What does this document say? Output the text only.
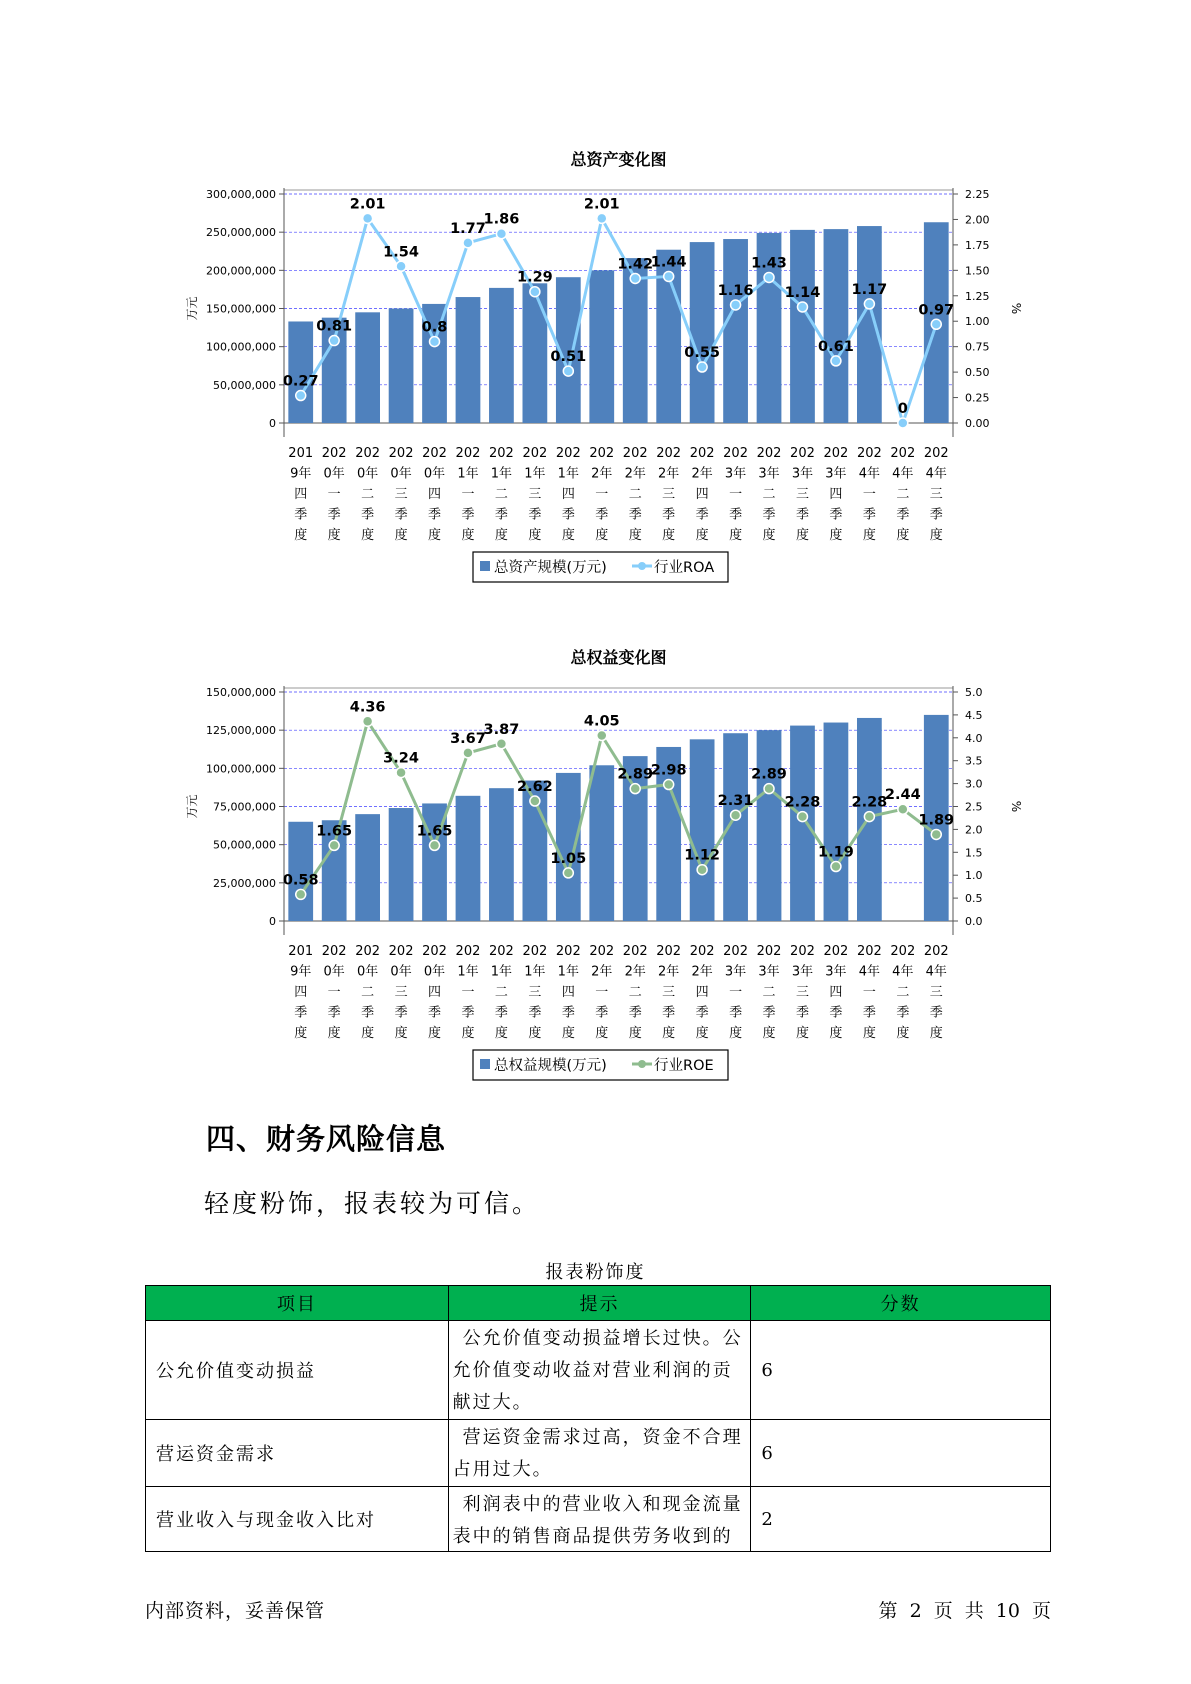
总资产变化图
0
50,000,000
100,000,000
150,000,000
200,000,000
250,000,000
300,000,000
0.00
0.25
0.50
0.75
1.00
1.25
1.50
1.75
2.00
2.25
万元	%
201
9年
四
季
度
202
0年
一
季
度
202
0年
二
季
度
202
0年
三
季
度
202
0年
四
季
度
202
1年
一
季
度
202
1年
二
季
度
202
1年
三
季
度
202
1年
四
季
度
202
2年
一
季
度
202
2年
二
季
度
202
2年
三
季
度
202
2年
四
季
度
202
3年
一
季
度
202
3年
二
季
度
202
3年
三
季
度
202
3年
四
季
度
202
4年
一
季
度
202
4年
二
季
度
202
4年
三
季
度
0.27
0.81
2.01
1.54
0.8
1.77
1.86
1.29
0.51
2.01
1.42
1.44
0.55
1.16
1.43
1.14
0.61
1.17
0
0.97
总资产规模(万元)	行业ROA
总权益变化图
0
25,000,000
50,000,000
75,000,000
100,000,000
125,000,000
150,000,000
0.0
0.5
1.0
1.5
2.0
2.5
3.0
3.5
4.0
4.5
5.0
万元	%
201
9年
四
季
度
202
0年
一
季
度
202
0年
二
季
度
202
0年
三
季
度
202
0年
四
季
度
202
1年
一
季
度
202
1年
二
季
度
202
1年
三
季
度
202
1年
四
季
度
202
2年
一
季
度
202
2年
二
季
度
202
2年
三
季
度
202
2年
四
季
度
202
3年
一
季
度
202
3年
二
季
度
202
3年
三
季
度
202
3年
四
季
度
202
4年
一
季
度
202
4年
二
季
度
202
4年
三
季
度
0.58
1.65
4.36
3.24
1.65
3.67
3.87
2.62
1.05
4.05
2.89
2.98
1.12
2.31
2.89
2.28
1.19
2.28
2.44
1.89
总权益规模(万元)	行业ROE
四、财务风险信息
轻度粉饰，报表较为可信。
报表粉饰度
项目	提示	分数
公允价值变动损益	公允价值变动损益增长过快。公允价值变动收益对营业利润的贡献过大。	6
营运资金需求	营运资金需求过高，资金不合理占用过大。	6
营业收入与现金收入比对	利润表中的营业收入和现金流量表中的销售商品提供劳务收到的	2
内部资料，妥善保管	第 2 页 共 10 页
